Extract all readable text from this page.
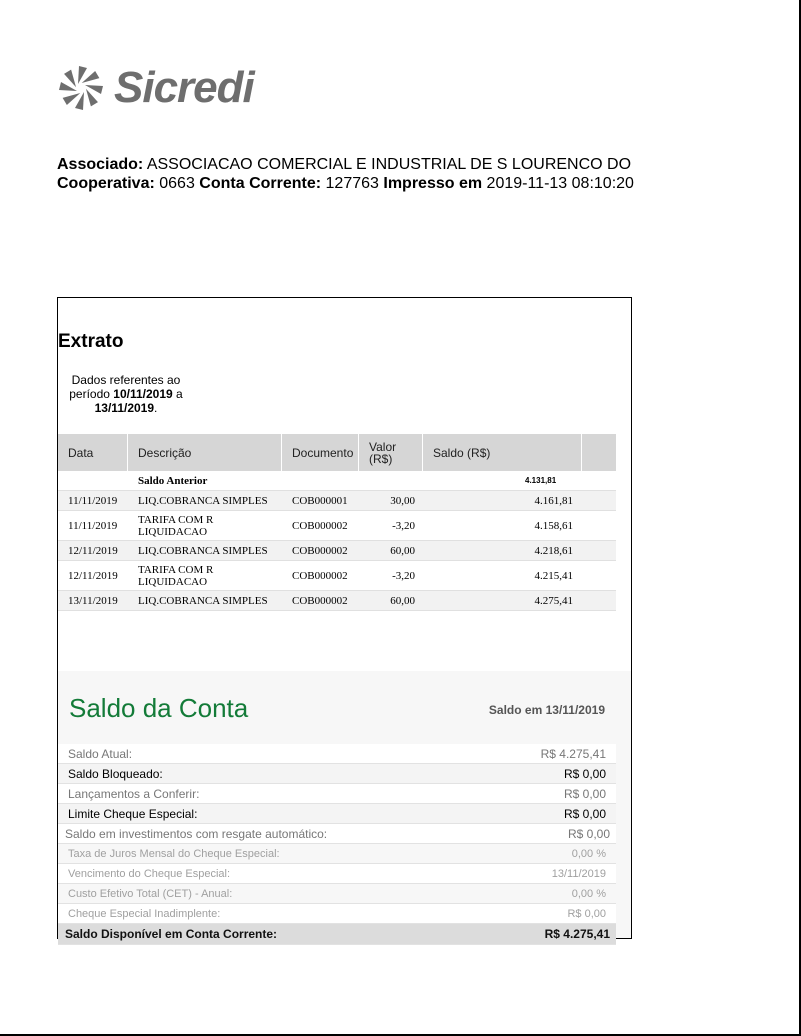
Sicredi
Associado: ASSOCIACAO COMERCIAL E INDUSTRIAL DE S LOURENCO DO
Cooperativa: 0663 Conta Corrente: 127763 Impresso em 2019-11-13 08:10:20
Extrato
Dados referentes ao período 10/11/2019 a 13/11/2019.
Data	Descrição	Documento	Valor (R$)	Saldo (R$)
Saldo Anterior	4.131,81
11/11/2019 LIQ.COBRANCA SIMPLES COB000001	30,00	4.161,81
11/11/2019 TARIFA COM R LIQUIDACAO	COB000002	-3,20	4.158,61
12/11/2019 LIQ.COBRANCA SIMPLES COB000002	60,00	4.218,61
12/11/2019 TARIFA COM R LIQUIDACAO	COB000002	-3,20	4.215,41
13/11/2019 LIQ.COBRANCA SIMPLES COB000002	60,00	4.275,41
Saldo da Conta	Saldo em 13/11/2019
Saldo Atual:	R$ 4.275,41
Saldo Bloqueado:	R$ 0,00
Lançamentos a Conferir:	R$ 0,00
Limite Cheque Especial:	R$ 0,00
Saldo em investimentos com resgate automático:	R$ 0,00
Taxa de Juros Mensal do Cheque Especial:	0,00 %
Vencimento do Cheque Especial:	13/11/2019
Custo Efetivo Total (CET) - Anual:	0,00 %
Cheque Especial Inadimplente:	R$ 0,00
Saldo Disponível em Conta Corrente:	R$ 4.275,41
